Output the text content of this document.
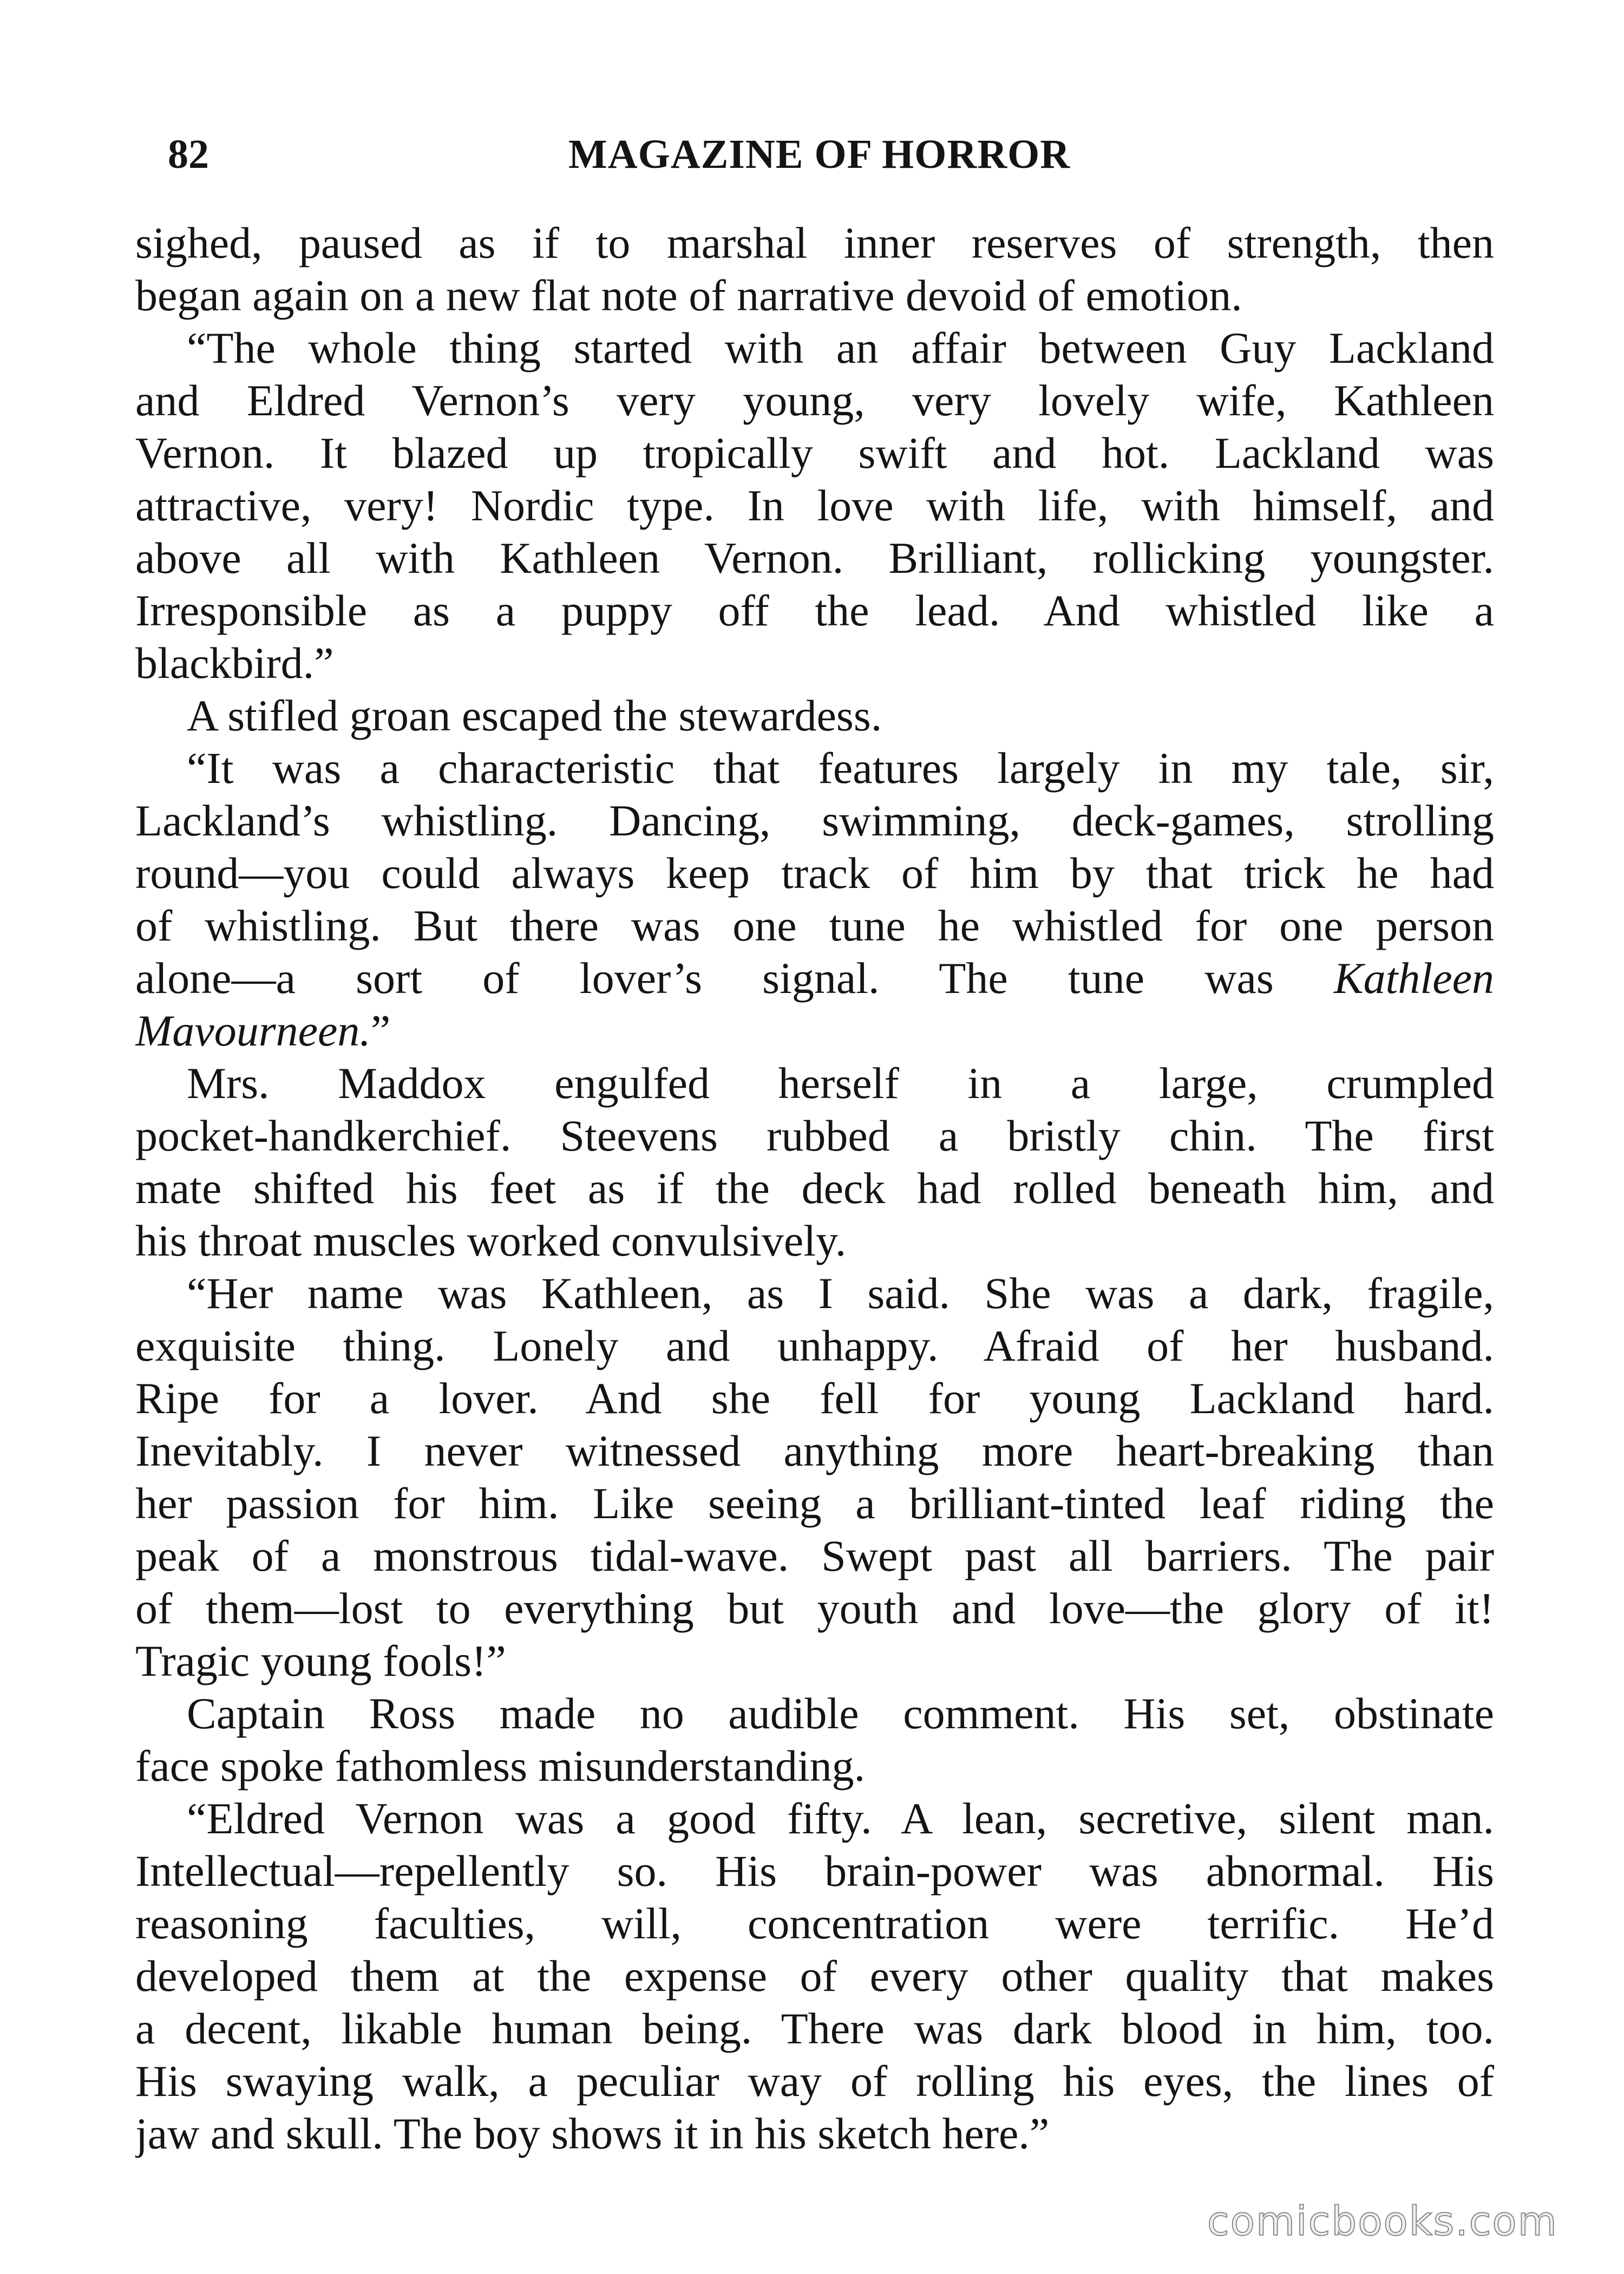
82	MAGAZINE OF HORROR
sighed, paused as if to marshal inner reserves of strength, then
began again on a new flat note of narrative devoid of emotion.
“The whole thing started with an affair between Guy Lackland
and Eldred Vernon’s very young, very lovely wife, Kathleen
Vernon. It blazed up tropically swift and hot. Lackland was
attractive, very! Nordic type. In love with life, with himself, and
above all with Kathleen Vernon. Brilliant, rollicking youngster.
Irresponsible as a puppy off the lead. And whistled like a
blackbird.”
A stifled groan escaped the stewardess.
“It was a characteristic that features largely in my tale, sir,
Lackland’s whistling. Dancing, swimming, deck-games, strolling
round—you could always keep track of him by that trick he had
of whistling. But there was one tune he whistled for one person
alone—a sort of lover’s signal. The tune was Kathleen
Mavourneen.”
Mrs. Maddox engulfed herself in a large, crumpled
pocket-handkerchief. Steevens rubbed a bristly chin. The first
mate shifted his feet as if the deck had rolled beneath him, and
his throat muscles worked convulsively.
“Her name was Kathleen, as I said. She was a dark, fragile,
exquisite thing. Lonely and unhappy. Afraid of her husband.
Ripe for a lover. And she fell for young Lackland hard.
Inevitably. I never witnessed anything more heart-breaking than
her passion for him. Like seeing a brilliant-tinted leaf riding the
peak of a monstrous tidal-wave. Swept past all barriers. The pair
of them—lost to everything but youth and love—the glory of it!
Tragic young fools!”
Captain Ross made no audible comment. His set, obstinate
face spoke fathomless misunderstanding.
“Eldred Vernon was a good fifty. A lean, secretive, silent man.
Intellectual—repellently so. His brain-power was abnormal. His
reasoning faculties, will, concentration were terrific. He’d
developed them at the expense of every other quality that makes
a decent, likable human being. There was dark blood in him, too.
His swaying walk, a peculiar way of rolling his eyes, the lines of
jaw and skull. The boy shows it in his sketch here.”
comicbooks.com
